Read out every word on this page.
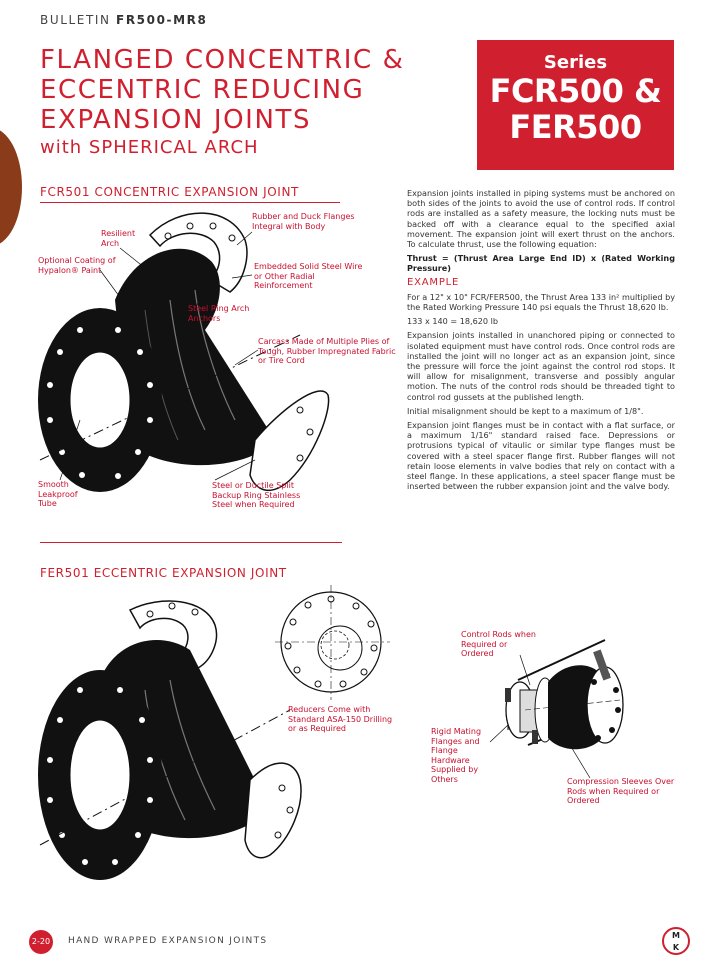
BULLETIN FR500-MR8
FLANGED CONCENTRIC &
ECCENTRIC REDUCING
EXPANSION JOINTS
with SPHERICAL ARCH
Series
FCR500 &
FER500
FCR501 CONCENTRIC EXPANSION JOINT
Rubber and Duck Flanges Integral with Body
Resilient Arch
Optional Coating of Hypalon® Paint	Embedded Solid Steel Wire or Other Radial Reinforcement
Steel Ring Arch Anchors
Carcass Made of Multiple Plies of Tough, Rubber Impregnated Fabric or Tire Cord
Smooth Leakproof Tube
Steel or Ductile Split Backup Ring Stainless Steel when Required

Expansion joints installed in piping systems must be anchored on both sides of the joints to avoid the use of control rods. If control rods are installed as a safety measure, the locking nuts must be backed off with a clearance equal to the specified axial movement. The expansion joint will exert thrust on the anchors. To calculate thrust, use the following equation:

Thrust = (Thrust Area Large End ID) x (Rated Working Pressure)

EXAMPLE

For a 12" x 10" FCR/FER500, the Thrust Area 133 in² multiplied by the Rated Working Pressure 140 psi equals the Thrust 18,620 lb.

133 x 140 = 18,620 lb

Expansion joints installed in unanchored piping or connected to isolated equipment must have control rods. Once control rods are installed the joint will no longer act as an expansion joint, since the pressure will force the joint against the control rod stops. It will allow for misalignment, transverse and possibly angular motion. The nuts of the control rods should be threaded tight to control rod gussets at the published length.

Initial misalignment should be kept to a maximum of 1/8".

Expansion joint flanges must be in contact with a flat surface, or a maximum 1/16" standard raised face. Depressions or protrusions typical of vitaulic or similar type flanges must be covered with a steel spacer flange first. Rubber flanges will not retain loose elements in valve bodies that rely on contact with a steel flange. In these applications, a steel spacer flange must be inserted between the rubber expansion joint and the valve body.

FER501 ECCENTRIC EXPANSION JOINT
Reducers Come with Standard ASA-150 Drilling or as Required
Control Rods when Required or Ordered
Rigid Mating Flanges and Flange Hardware Supplied by Others	Compression Sleeves Over Rods when Required or Ordered
2-20	HAND WRAPPED EXPANSION JOINTS
M
K
